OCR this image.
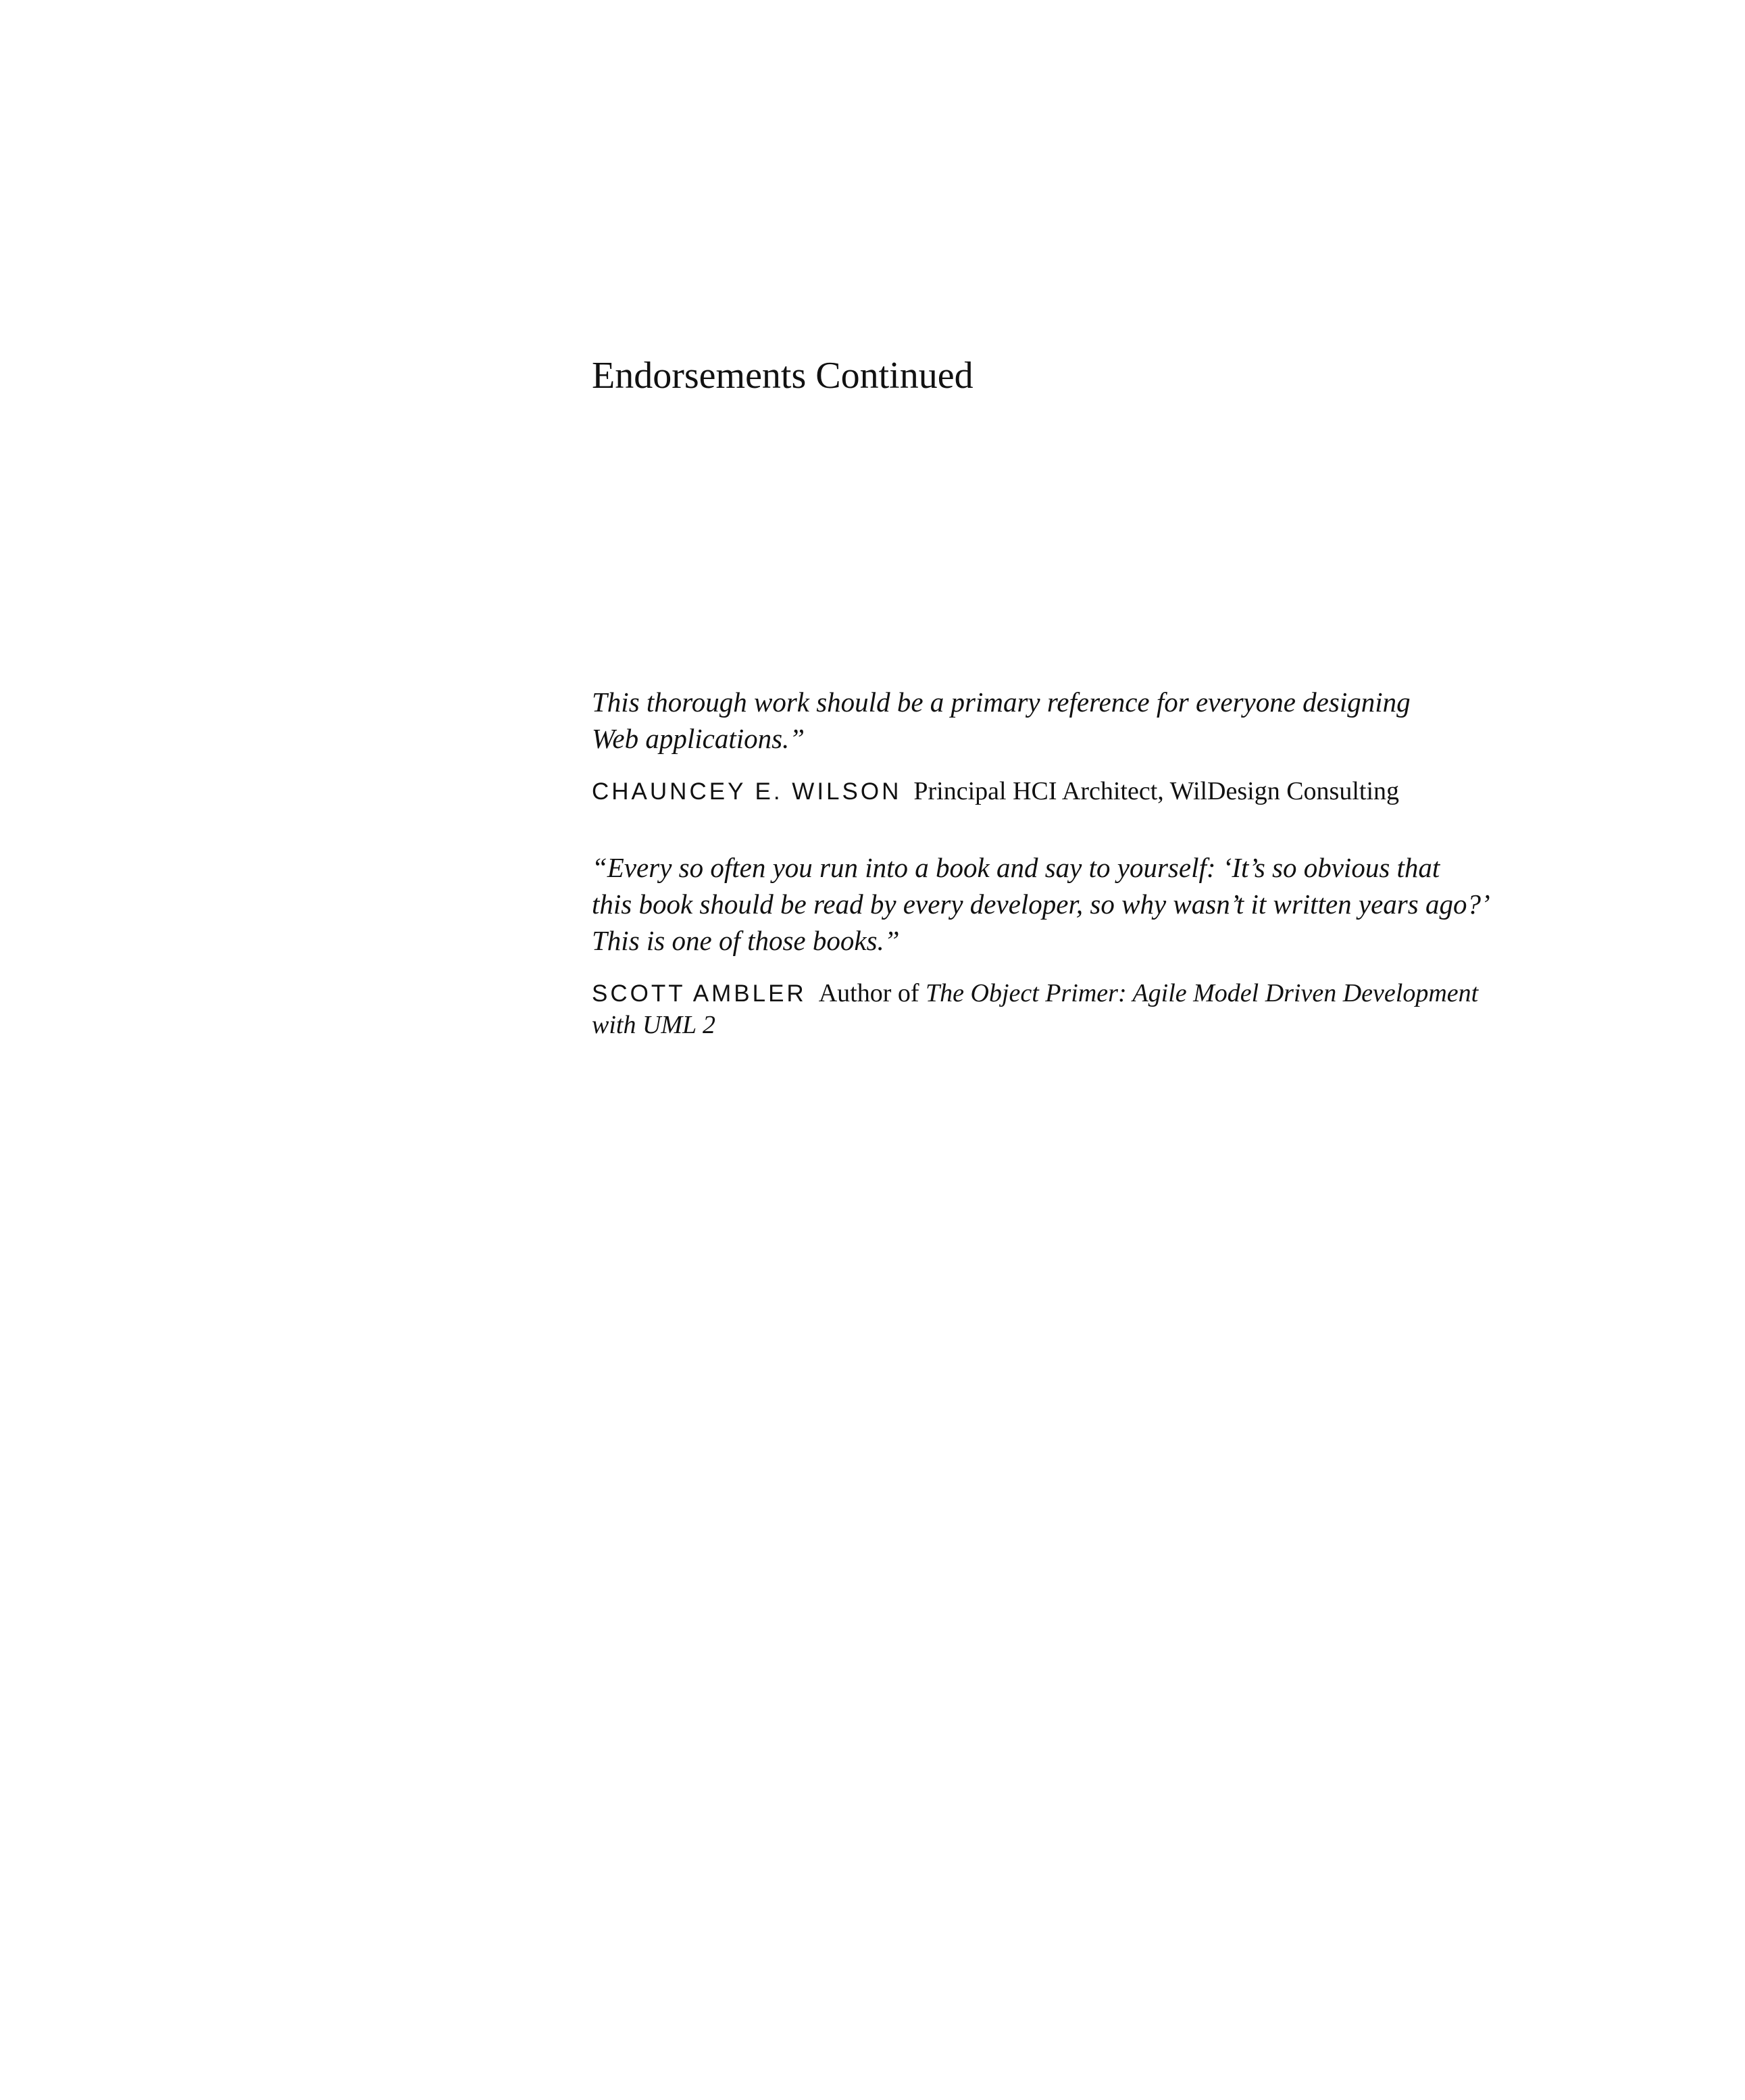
Endorsements Continued

This thorough work should be a primary reference for everyone designing
Web applications.”

CHAUNCEY E. WILSON Principal HCI Architect, WilDesign Consulting

“Every so often you run into a book and say to yourself: ‘It’s so obvious that
this book should be read by every developer, so why wasn’t it written years ago?’
This is one of those books.”

SCOTT AMBLER Author of The Object Primer: Agile Model Driven Development
with UML 2
